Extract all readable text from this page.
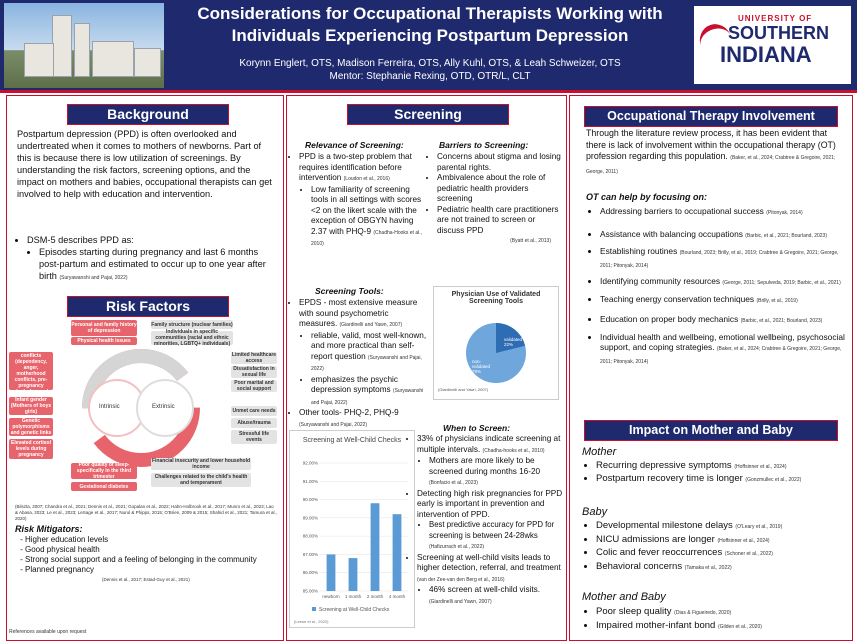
Considerations for Occupational Therapists Working with
Individuals Experiencing Postpartum Depression
Korynn Englert, OTS, Madison Ferreira, OTS, Ally Kuhl, OTS, & Leah Schweizer, OTS
Mentor: Stephanie Rexing, OTD, OTR/L, CLT
UNIVERSITY OF
SOUTHERN
INDIANA
Background
Postpartum depression (PPD) is often overlooked and undertreated when it comes to mothers of newborns. Part of this is because there is low utilization of screenings. By understanding the risk factors, screening options, and the impact on mothers and babies, occupational therapists can get involved to help with education and intervention.
• DSM-5 describes PPD as:
• Episodes starting during pregnancy and last 6 months post-partum and estimated to occur up to one year after birth (Suryawanshi and Pajai, 2022)
Risk Factors
Intrinsic	Extrinsic
Personal and family history of depression
Physical health issues
Emotional conflicts (dependency, anger, motherhood conflicts, pre-pregnancy alcohol usage)
Infant gender (Mothers of boys girls)
Genetic polymorphisms and genetic links
Elevated cortisol levels during pregnancy
Poor quality of sleep-specifically in the third trimester
Gestational diabetes
Family structure (nuclear families)
Individuals in specific communities (racial and ethnic minorities, LGBTQ+ individuals)
Limited healthcare access
Dissatisfaction in sexual life
Poor marital and social support
Unmet care needs
Abuse/trauma
Stressful life events
Financial insecurity and lower household income
Challenges related to the child's health and temperament
(Bilszta, 2007; Chandra et al., 2021; Dennis et al., 2021; Gopalan et al., 2022; Hahn-Holbrook et al., 2017; Munro et al., 2023; Lao & Abasa, 2023; Le et al., 2023; LeSage et al., 2017; Nurul & Phipps, 2015; O'Brien, 2009 & 2015; Shahid et al., 2021; Tamura et al., 2020)
Risk Mitigators:
- Higher education levels
- Good physical health
- Strong social support and a feeling of belonging in the community
- Planned pregnancy
(Dennis et al., 2017; Estad-Guy et al., 2021)
References available upon request
Screening
Relevance of Screening:
• PPD is a two-step problem that requires identification before intervention (Loudon et al., 2016)
• Low familiarity of screening tools in all settings with scores <2 on the likert scale with the exception of OBGYN having 2.37 with PHQ-9 (Chadha-Hooks et al., 2010)
Barriers to Screening:
• Concerns about stigma and losing parental rights.
• Ambivalence about the role of pediatric health providers screening
• Pediatric health care practitioners are not trained to screen or discuss PPD
(Byatt et al., 2013)
Screening Tools:
• EPDS - most extensive measure with sound psychometric measures. (Giardinelli and Yawn, 2007)
• reliable, valid, most well-known, and more practical than self-report question (Suryawanshi and Pajai, 2022)
• emphasizes the psychic depression symptoms (Suryawanshi and Pajai, 2022)
• Other tools- PHQ-2, PHQ-9 (Suryawanshi and Pajai, 2022)
Physician Use of Validated Screening Tools
validated 22%
non-validated 78%
(Giardinelli and Yawn, 2007)
Screening at Well-Child Checks
85.00%
86.00%
87.00%
88.00%
89.00%
90.00%
91.00%
92.00%
newborn 1 month 2 month 4 month
Screening at Well-Child Checks
(Leese et al., 2020)
When to Screen:
• 33% of physicians indicate screening at multiple intervals. (Chadha-hooks et al., 2010)
• Mothers are more likely to be screened during months 16-20 (Bonfacio et al., 2023)
• Detecting high risk pregnancies for PPD early is important in prevention and intervention of PPD.
• Best predictive accuracy for PPD for screening is between 24-28wks (Hafizurrach et al., 2022)
• Screening at well-child visits leads to higher detection, referral, and treatment (van der Zee-van den Berg et al., 2016)
• 46% screen at well-child visits. (Giardinelli and Yawn, 2007)
Occupational Therapy Involvement
Through the literature review process, it has been evident that there is lack of involvement within the occupational therapy (OT) profession regarding this population. (Baker, et al., 2024; Crabtree & Gregoire, 2021; George, 2011)
OT can help by focusing on:
• Addressing barriers to occupational success (Pitonyak, 2014)
• Assistance with balancing occupations (Barbic, et al., 2021; Bourland, 2023)
• Establishing routines (Bourland, 2023; Brilly, et al., 2019; Crabtree & Gregoire, 2021; George, 2011; Pitonyak, 2014)
• Identifying community resources (George, 2011; Sepulveda, 2019; Barbic, et al., 2021)
• Teaching energy conservation techniques (Brilly, et al., 2019)
• Education on proper body mechanics (Barbic, et al., 2021; Bourland, 2023)
• Individual health and wellbeing, emotional wellbeing, psychosocial support, and coping strategies. (Baker, et al., 2024; Crabtree & Gregoire, 2021; George, 2011; Pitonyak, 2014)
Impact on Mother and Baby
Mother
• Recurring depressive symptoms (Hoffsinner et al., 2024)
• Postpartum recovery time is longer (Gonzmullec et al., 2022)
Baby
• Developmental milestone delays (O'Leary et al., 2019)
• NICU admissions are longer (Hoffsinner et al., 2024)
• Colic and fever reoccurrences (Schoner et al., 2022)
• Behavioral concerns (Tamaka et al., 2022)
Mother and Baby
• Poor sleep quality (Dias & Figueiredo, 2020)
• Impaired mother-infant bond (Gilden et al., 2020)
